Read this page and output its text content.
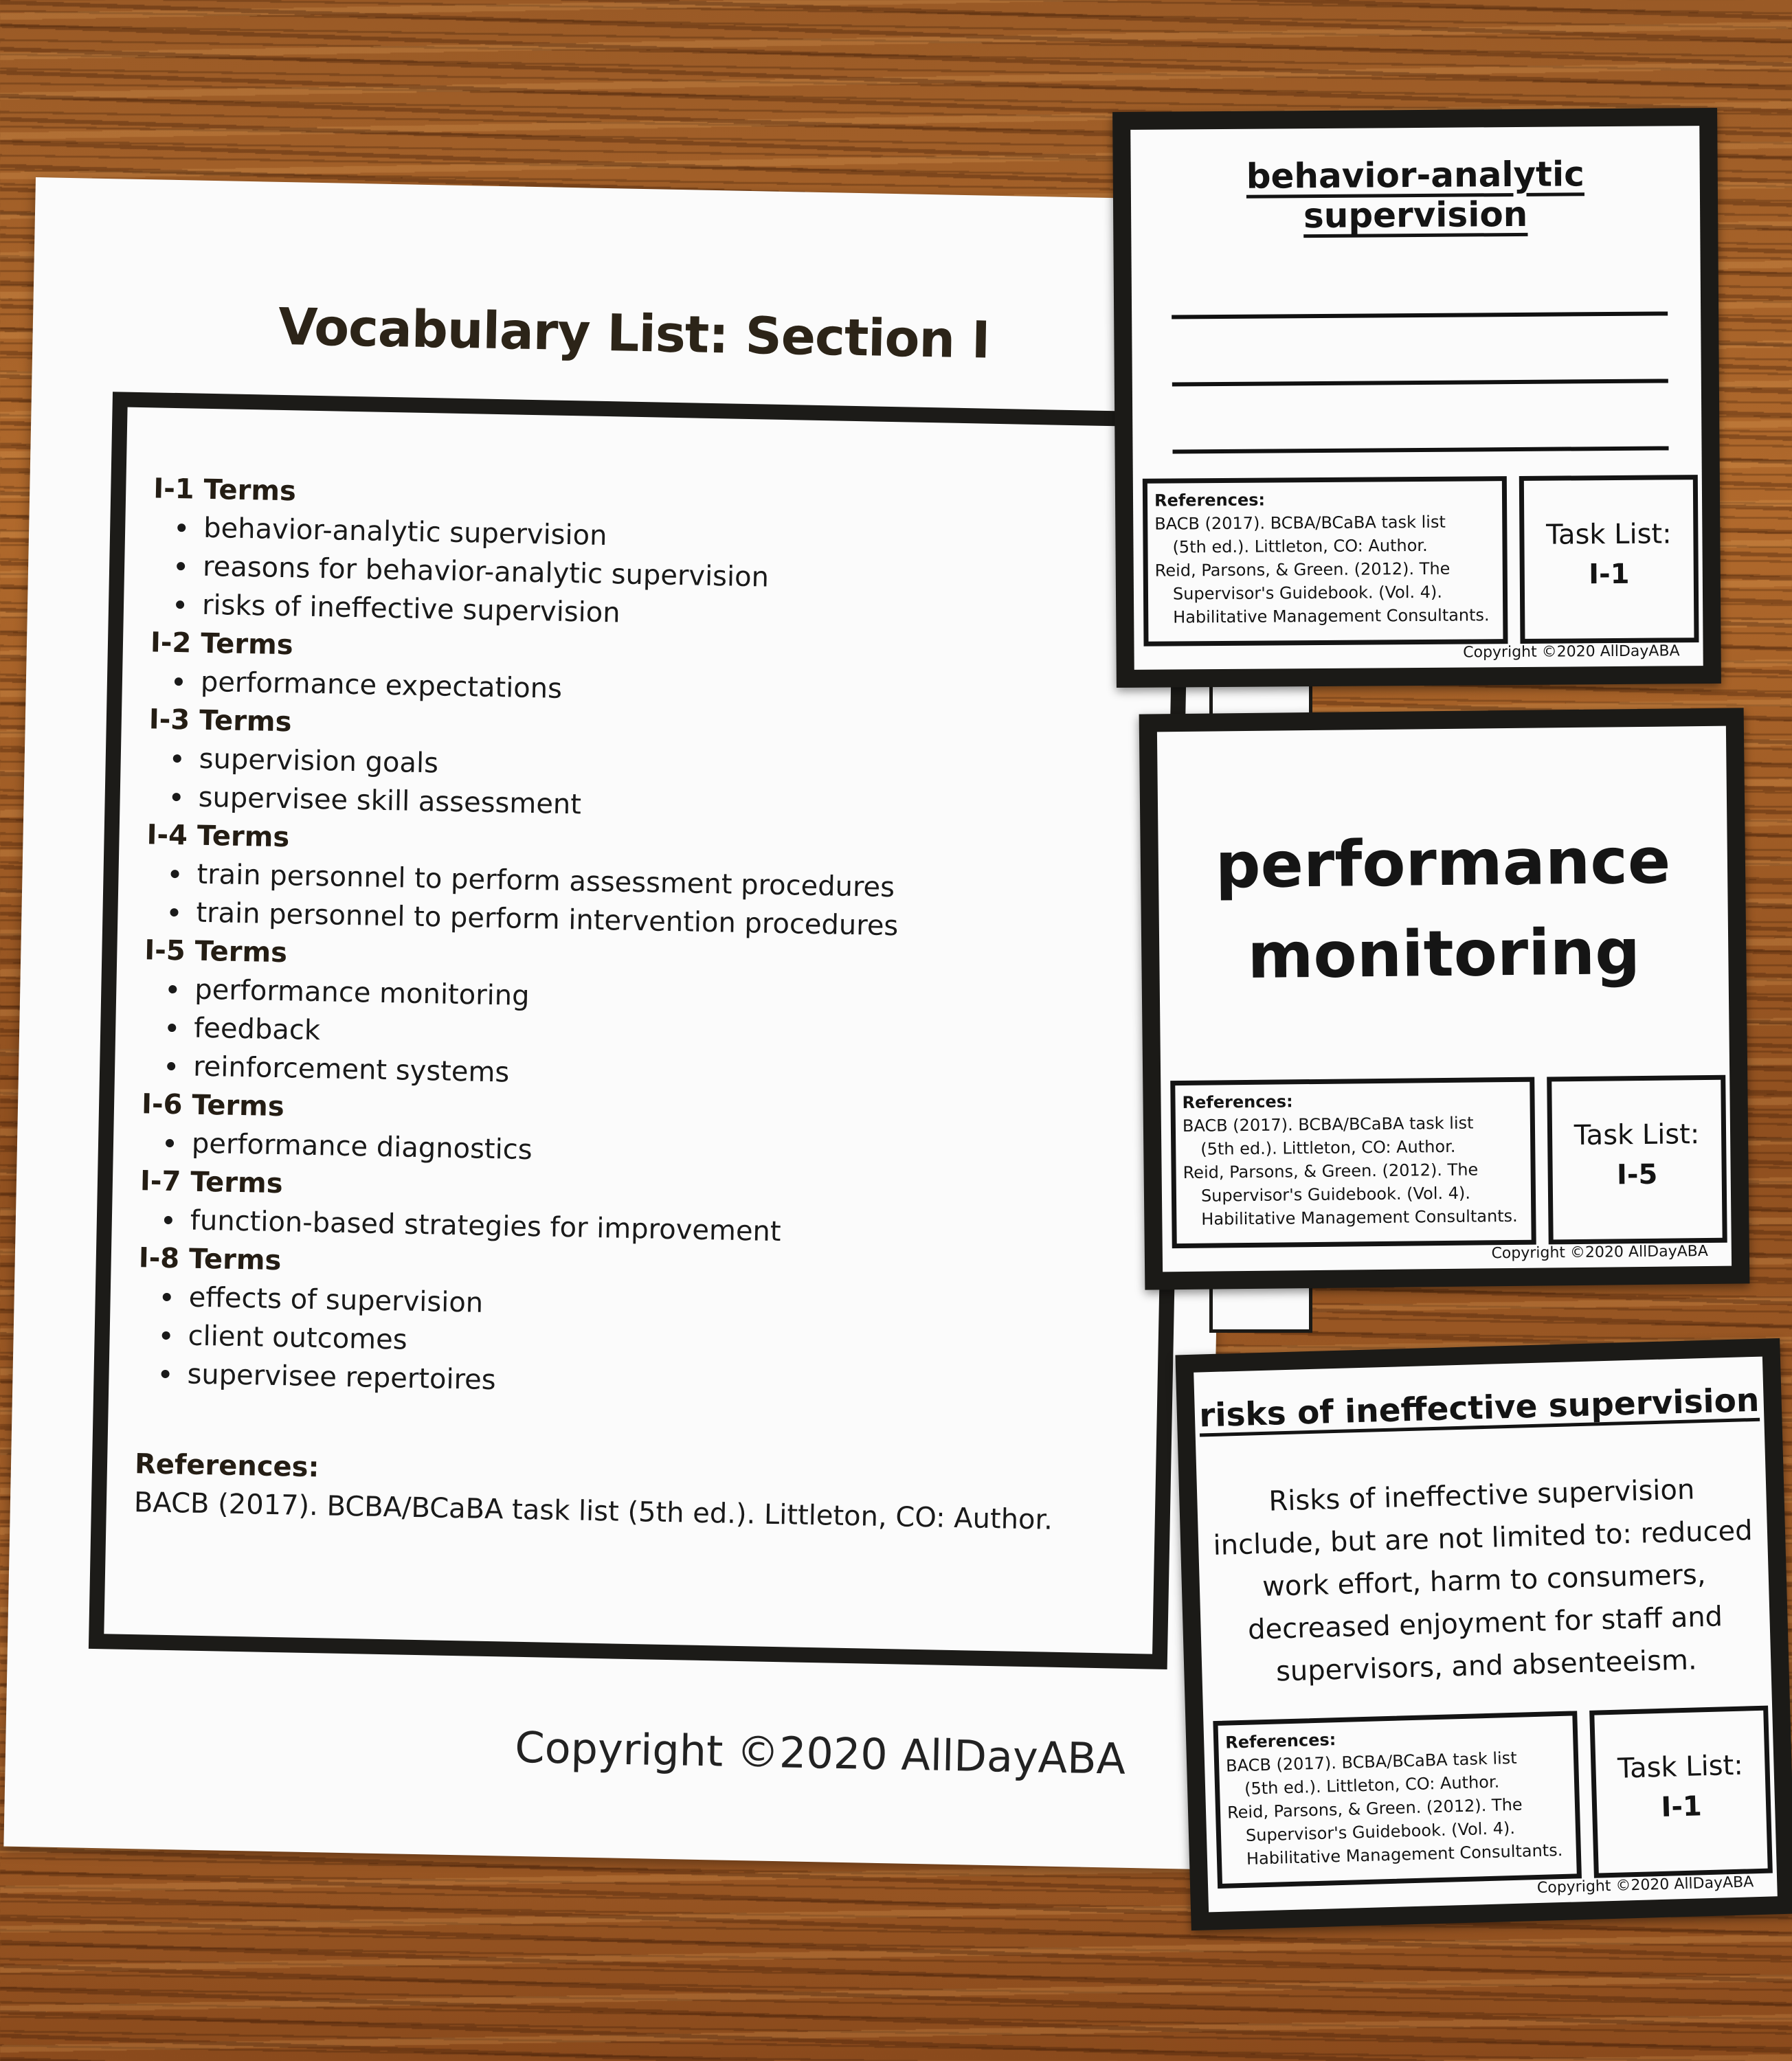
Vocabulary List: Section I
I-1 Terms
behavior-analytic supervision
reasons for behavior-analytic supervision
risks of ineffective supervision
I-2 Terms
performance expectations
I-3 Terms
supervision goals
supervisee skill assessment
I-4 Terms
train personnel to perform assessment procedures
train personnel to perform intervention procedures
I-5 Terms
performance monitoring
feedback
reinforcement systems
I-6 Terms
performance diagnostics
I-7 Terms
function-based strategies for improvement
I-8 Terms
effects of supervision
client outcomes
supervisee repertoires
References:
BACB (2017). BCBA/BCaBA task list (5th ed.). Littleton, CO: Author.
Copyright ©2020 AllDayABA
behavior-analytic supervision
References:
BACB (2017). BCBA/BCaBA task list
(5th ed.). Littleton, CO: Author.
Reid, Parsons, & Green. (2012). The
Supervisor's Guidebook. (Vol. 4).
Habilitative Management Consultants.
Task List:
I-1
Copyright ©2020 AllDayABA
performance
monitoring
References:
BACB (2017). BCBA/BCaBA task list
(5th ed.). Littleton, CO: Author.
Reid, Parsons, & Green. (2012). The
Supervisor's Guidebook. (Vol. 4).
Habilitative Management Consultants.
Task List:
I-5
Copyright ©2020 AllDayABA
risks of ineffective supervision
Risks of ineffective supervision include, but are not limited to: reduced work effort, harm to consumers, decreased enjoyment for staff and supervisors, and absenteeism.
References:
BACB (2017). BCBA/BCaBA task list
(5th ed.). Littleton, CO: Author.
Reid, Parsons, & Green. (2012). The
Supervisor's Guidebook. (Vol. 4).
Habilitative Management Consultants.
Task List:
I-1
Copyright ©2020 AllDayABA
